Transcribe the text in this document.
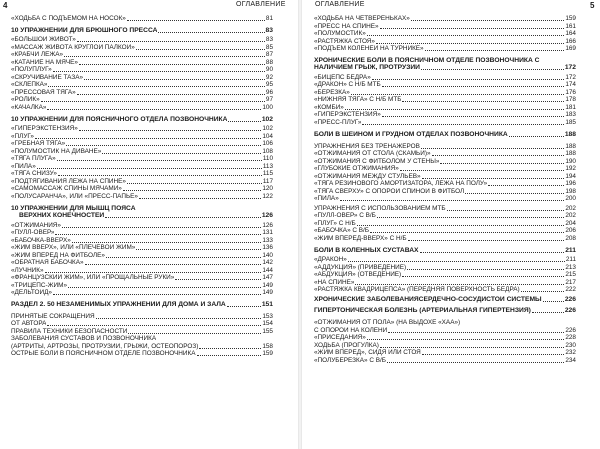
4	ОГЛАВЛЕНИЕ
«ХОДЬБА С ПОДЪЕМОМ НА НОСОК»	81
10 УПРАЖНЕНИЙ ДЛЯ БРЮШНОГО ПРЕССА	83
«БОЛЬШОЙ ЖИВОТ»	83
«МАССАЖ ЖИВОТА КРУГЛОЙ ПАЛКОЙ»	85
«КРАБЧИ ЛЕЖА»	87
«КАТАНИЕ НА МЯЧЕ»	88
«ПОЛУПЛУГ»	90
«СКРУЧИВАНИЕ ТАЗА»	92
«СКЛЕПКА»	95
«ПРЕССОВАЯ ТЯГА»	96
«РОЛИК»	97
«КАЧАЛКА»	100
10 УПРАЖНЕНИЙ ДЛЯ ПОЯСНИЧНОГО ОТДЕЛА ПОЗВОНОЧНИКА	102
«ГИПЕРЭКСТЕНЗИЯ»	102
«ПЛУГ»	104
«ГРЕБНАЯ ТЯГА»	106
«ПОЛУМОСТИК НА ДИВАНЕ»	108
«ТЯГА ПЛУГА»	110
«ПИЛА»	113
«ТЯГА СНИЗУ»	115
«ПОДТЯГИВАНИЯ ЛЕЖА НА СПИНЕ»	117
«САМОМАССАЖ СПИНЫ МЯЧАМИ»	120
«ПОЛУСАРАНЧА», ИЛИ «ПРЕСС-ПАПЬЕ»	122
10 УПРАЖНЕНИЙ ДЛЯ МЫШЦ ПОЯСА
ВЕРХНИХ КОНЕЧНОСТЕЙ	126
«ОТЖИМАНИЯ»	126
«ПУЛЛ-ОВЕР»	131
«БАБОЧКА-ВВЕРХ»	133
«ЖИМ ВВЕРХ», ИЛИ «ПЛЕЧЕВОЙ ЖИМ»	136
«ЖИМ ВПЕРЕД НА ФИТБОЛЕ»	140
«ОБРАТНАЯ БАБОЧКА»	142
«ЛУЧНИК»	144
«ФРАНЦУЗСКИЙ ЖИМ», ИЛИ «ПРОЩАЛЬНЫЕ РУКИ»	147
«ТРИЦЕПС-ЖИМ»	149
«ДЕЛЬТОИД»	149
РАЗДЕЛ 2. 50 НЕЗАМЕНИМЫХ УПРАЖНЕНИЙ ДЛЯ ДОМА И ЗАЛА	151
ПРИНЯТЫЕ СОКРАЩЕНИЯ	153
ОТ АВТОРА	154
ПРАВИЛА ТЕХНИКИ БЕЗОПАСНОСТИ	155
ЗАБОЛЕВАНИЯ СУСТАВОВ И ПОЗВОНОЧНИКА
(АРТРИТЫ, АРТРОЗЫ, ПРОТРУЗИИ, ГРЫЖИ, ОСТЕОПОРОЗ)	158
ОСТРЫЕ БОЛИ В ПОЯСНИЧНОМ ОТДЕЛЕ ПОЗВОНОЧНИКА	159
ОГЛАВЛЕНИЕ	5
«ХОДЬБА НА ЧЕТВЕРЕНЬКАХ»	159
«ПРЕСС НА СПИНЕ»	161
«ПОЛУМОСТИК»	164
«РАСТЯЖКА СТОЯ»	166
«ПОДЪЕМ КОЛЕНЕЙ НА ТУРНИКЕ»	169
ХРОНИЧЕСКИЕ БОЛИ В ПОЯСНИЧНОМ ОТДЕЛЕ ПОЗВОНОЧНИКА С
НАЛИЧИЕМ ГРЫЖ, ПРОТРУЗИЙ	172
«БИЦЕПС БЕДРА»	172
«ДРАКОН» С Н/Б МТБ	174
«БЕРЕЗКА»	176
«НИЖНЯЯ ТЯГА» С Н/Б МТБ	178
«КОМБИ»	181
«ГИПЕРЭКСТЕНЗИЯ»	183
«ПРЕСС-ПЛУГ»	185
БОЛИ В ШЕЙНОМ И ГРУДНОМ ОТДЕЛАХ ПОЗВОНОЧНИКА	188
УПРАЖНЕНИЯ БЕЗ ТРЕНАЖЕРОВ	188
«ОТЖИМАНИЯ ОТ СТОЛА (СКАМЬИ)»	188
«ОТЖИМАНИЯ С ФИТБОЛОМ У СТЕНЫ»	190
«ГЛУБОКИЕ ОТЖИМАНИЯ»	192
«ОТЖИМАНИЯ МЕЖДУ СТУЛЬЕВ»	194
«ТЯГА РЕЗИНОВОГО АМОРТИЗАТОРА, ЛЕЖА НА ПОЛУ»	196
«ТЯГА СВЕРХУ» С ОПОРОЙ СПИНОЙ В ФИТБОЛ	198
«ПИЛА»	200
УПРАЖНЕНИЯ С ИСПОЛЬЗОВАНИЕМ МТБ	202
«ПУЛЛ-ОВЕР» С В/Б	202
«ПЛУГ» С Н/Б	204
«БАБОЧКА» С В/Б	206
«ЖИМ ВПЕРЕД-ВВЕРХ» С Н/Б	208
БОЛИ В КОЛЕННЫХ СУСТАВАХ	211
«ДРАКОН»	211
«АДДУКЦИЯ» (ПРИВЕДЕНИЕ)	213
«АБДУКЦИЯ» (ОТВЕДЕНИЕ)	215
«НА СПИНЕ»	217
«РАСТЯЖКА КВАДРИЦЕПСА» (ПЕРЕДНЯЯ ПОВЕРХНОСТЬ БЕДРА)	222
ХРОНИЧЕСКИЕ ЗАБОЛЕВАНИЯСЕРДЕЧНО-СОСУДИСТОЙ СИСТЕМЫ	226
ГИПЕРТОНИЧЕСКАЯ БОЛЕЗНЬ (АРТЕРИАЛЬНАЯ ГИПЕРТЕНЗИЯ)	226
«ОТЖИМАНИЯ ОТ ПОЛА» (НА ВЫДОХЕ «ХАА»)
С ОПОРОЙ НА КОЛЕНИ	226
«ПРИСЕДАНИЯ»	228
ХОДЬБА (ПРОГУЛКА)	230
«ЖИМ ВПЕРЕД», СИДЯ ИЛИ СТОЯ	232
«ПОЛУБЕРЕЗКА» С В/Б	234
